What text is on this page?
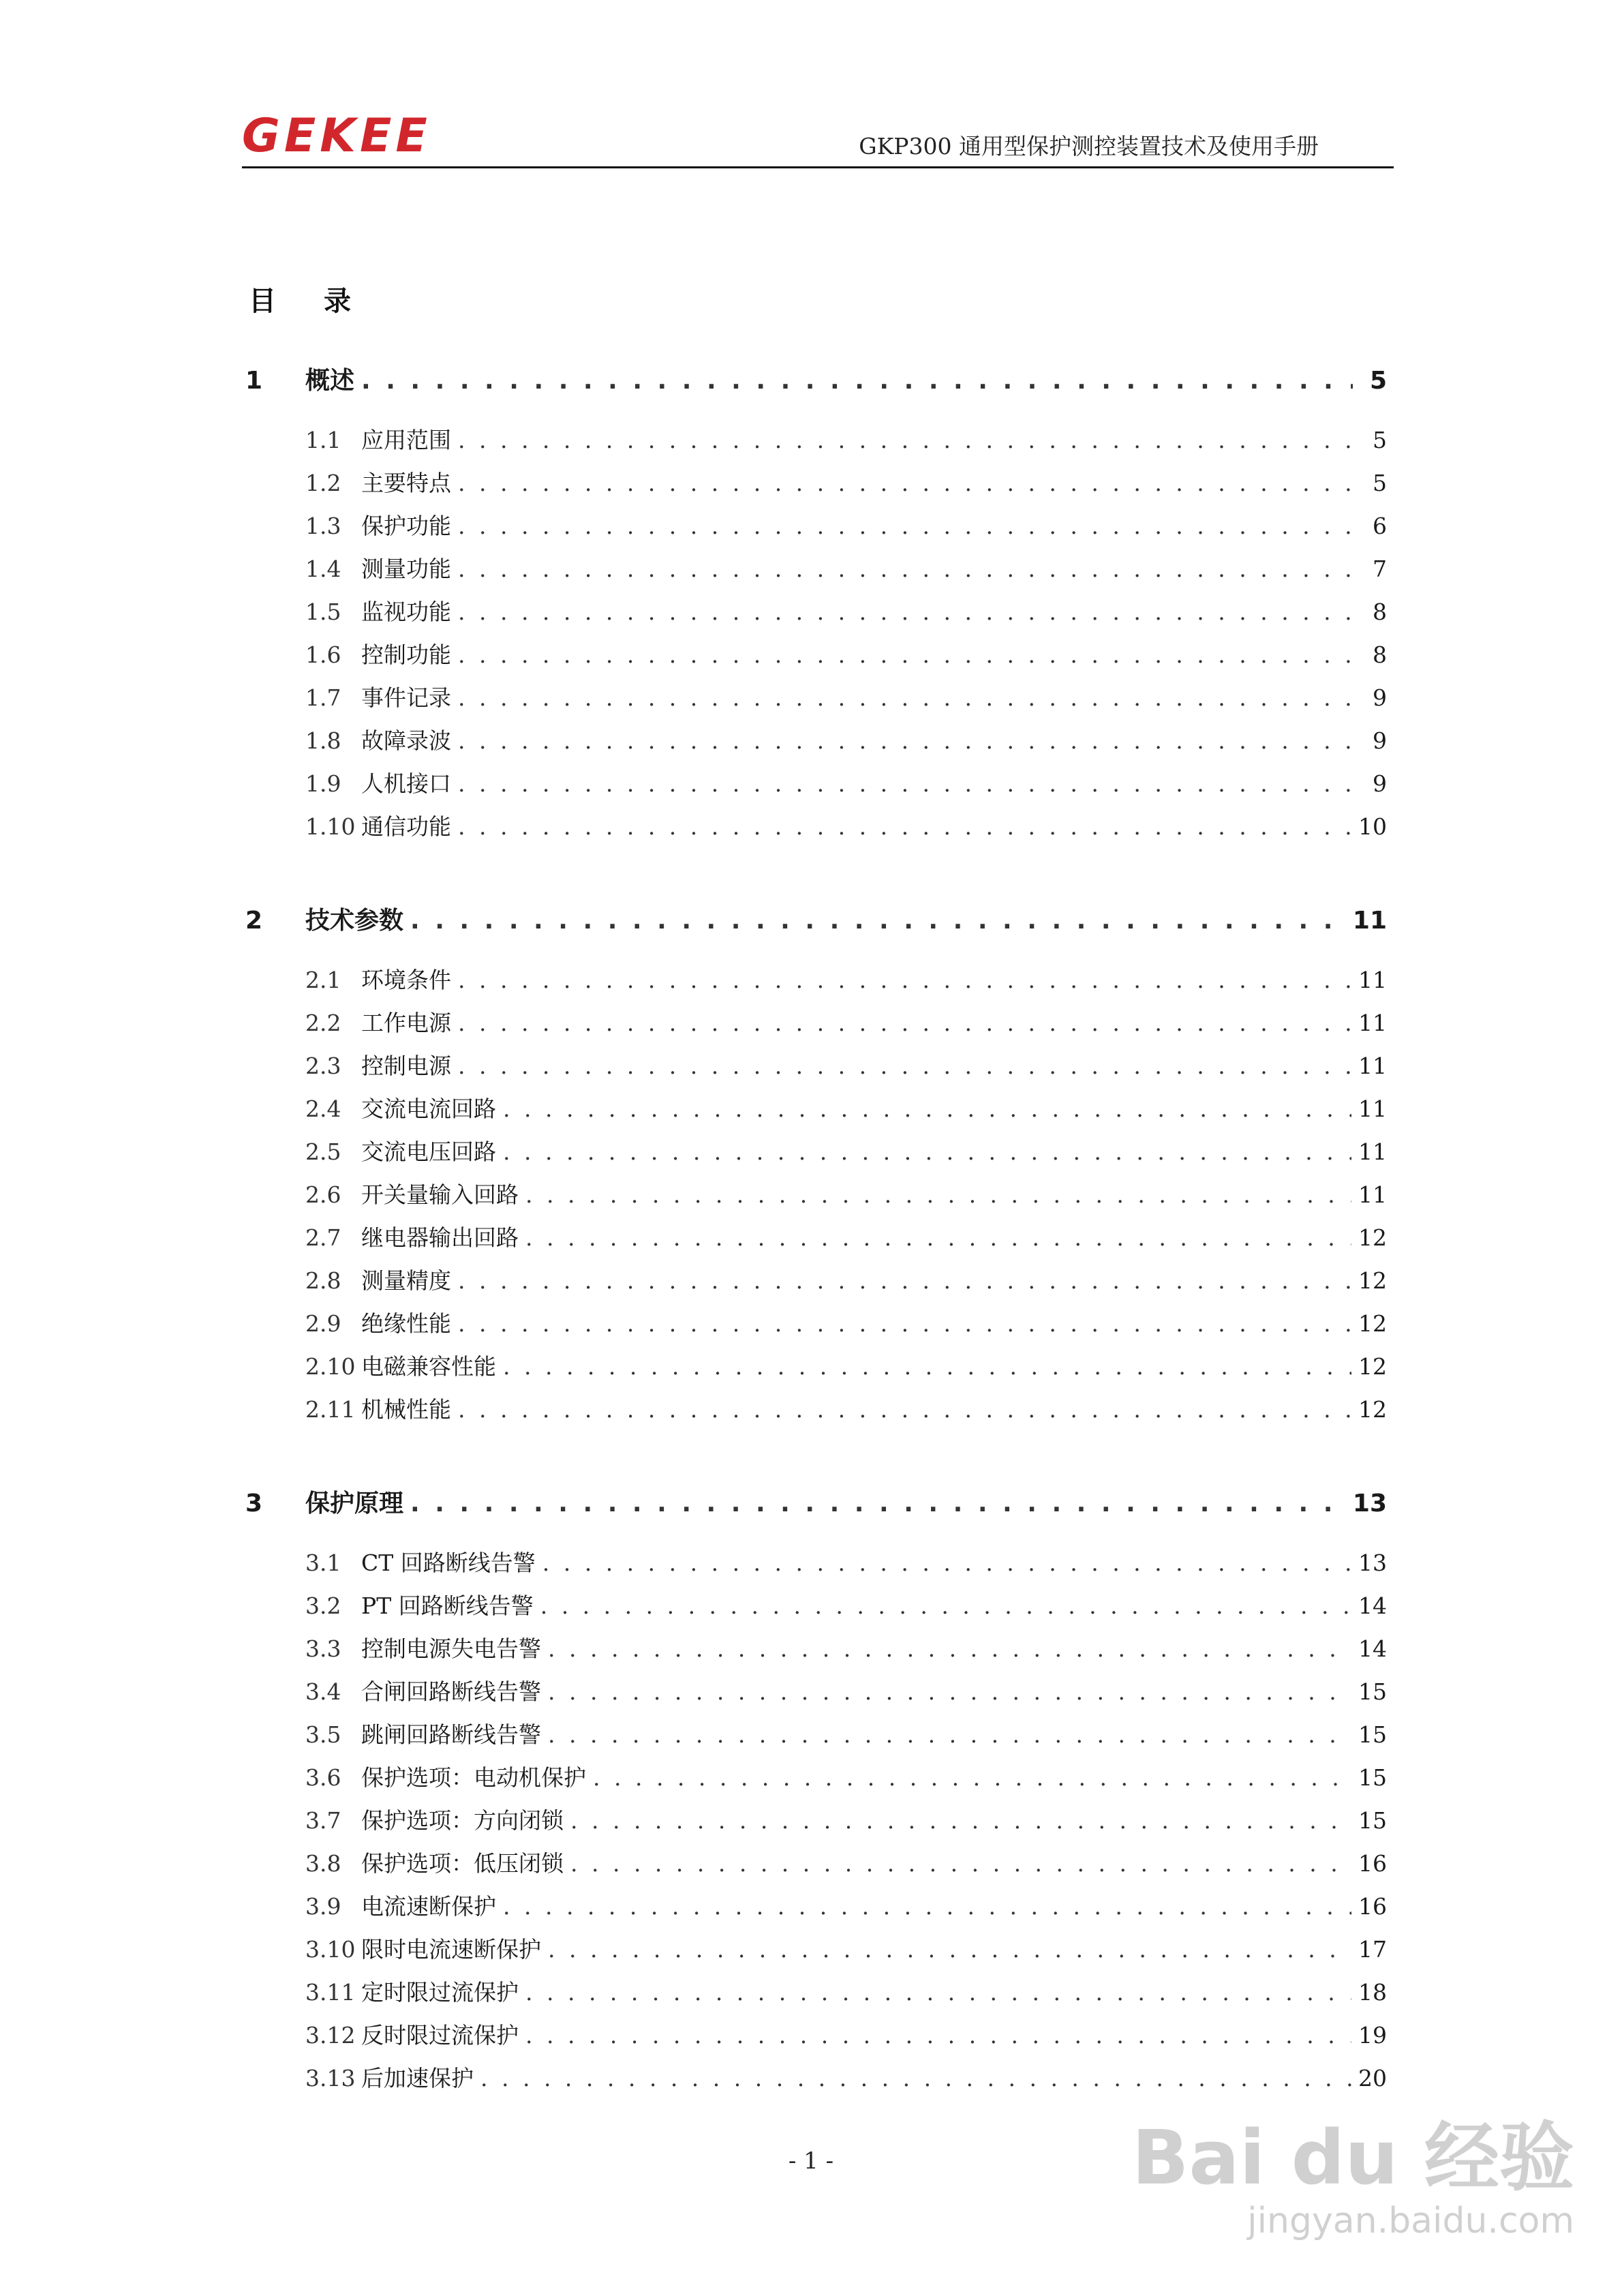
GEKEE	GKP300 通用型保护测控装置技术及使用手册
目录
1	概述 . . .	5
1.1 应用范围 . . .	5
1.2 主要特点 . . .	5
1.3 保护功能 . . .	6
1.4 测量功能 . . .	7
1.5 监视功能 . . .	8
1.6 控制功能 . . .	8
1.7 事件记录 . . .	9
1.8 故障录波 . . .	9
1.9 人机接口 . . .	9
1.10 通信功能 . . .	10
2	技术参数 . . .	11
2.1 环境条件 . . .	11
2.2 工作电源 . . .	11
2.3 控制电源 . . .	11
2.4 交流电流回路 . . .	11
2.5 交流电压回路 . . .	11
2.6 开关量输入回路 . . .	11
2.7 继电器输出回路 . . .	12
2.8 测量精度 . . .	12
2.9 绝缘性能 . . .	12
2.10 电磁兼容性能 . . .	12
2.11 机械性能 . . .	12
3	保护原理 . . .	13
3.1 CT 回路断线告警 . . .	13
3.2 PT 回路断线告警 . . .	14
3.3 控制电源失电告警 . . .	14
3.4 合闸回路断线告警 . . .	15
3.5 跳闸回路断线告警 . . .	15
3.6 保护选项：电动机保护 . . .	15
3.7 保护选项：方向闭锁 . . .	15
3.8 保护选项：低压闭锁 . . .	16
3.9 电流速断保护 . . .	16
3.10 限时电流速断保护 . . .	17
3.11 定时限过流保护 . . .	18
3.12 反时限过流保护 . . .	19
3.13 后加速保护 . . .	20
- 1 -	Bai du 经验
jingyan.baidu.com
